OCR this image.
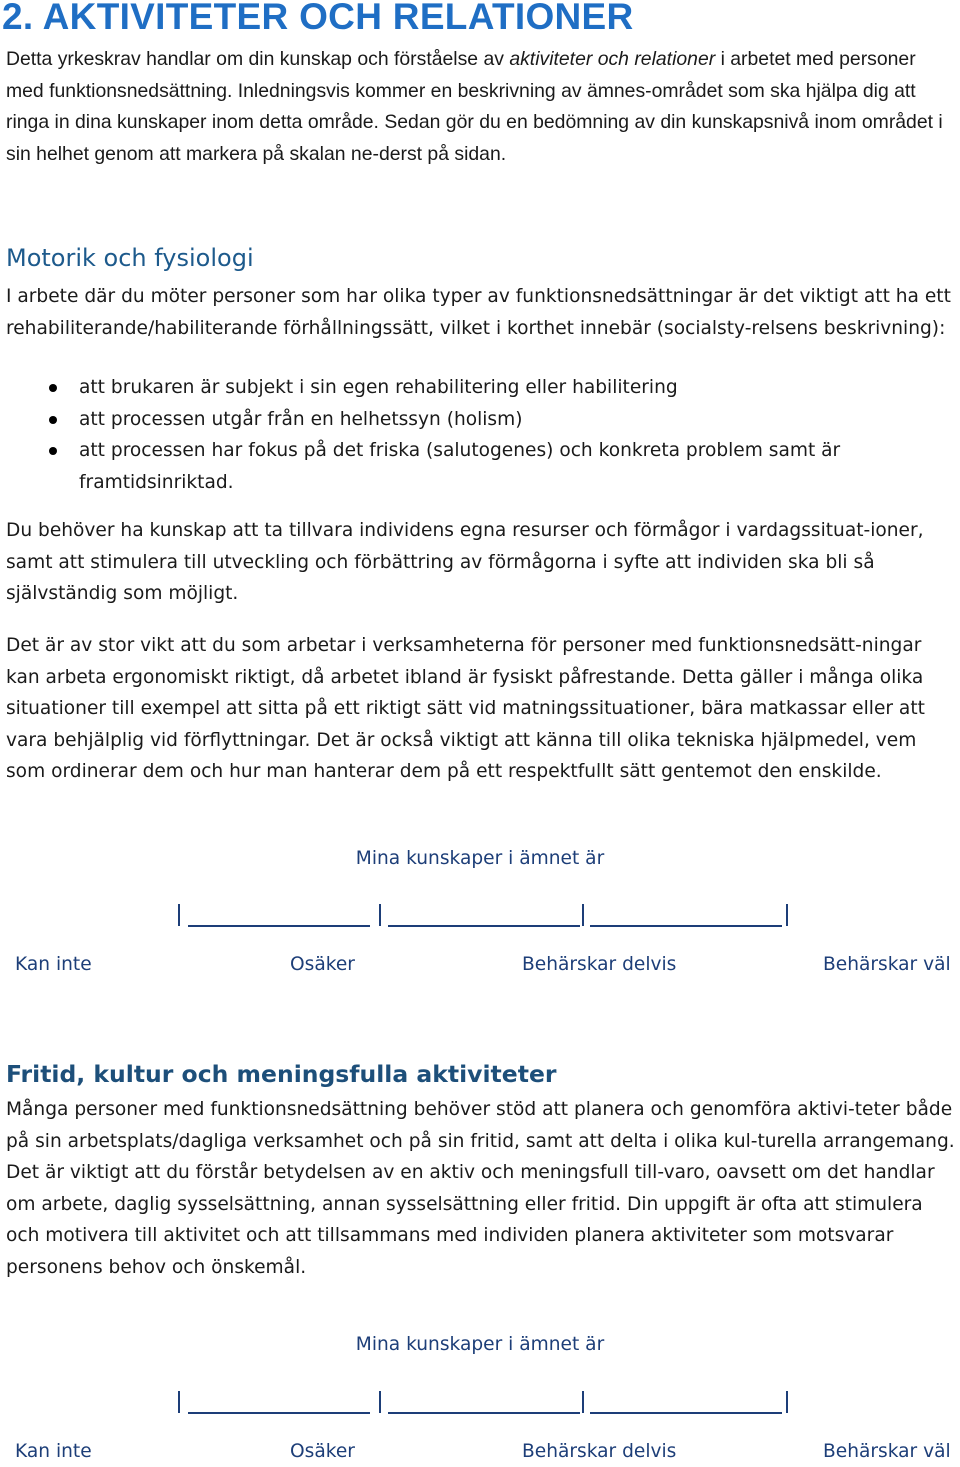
2. AKTIVITETER OCH RELATIONER

Detta yrkeskrav handlar om din kunskap och förståelse av aktiviteter och relationer i arbetet med personer med funktionsnedsättning. Inledningsvis kommer en beskrivning av ämnes-området som ska hjälpa dig att ringa in dina kunskaper inom detta område. Sedan gör du en bedömning av din kunskapsnivå inom området i sin helhet genom att markera på skalan ne-derst på sidan.

Motorik och fysiologi

I arbete där du möter personer som har olika typer av funktionsnedsättningar är det viktigt att ha ett rehabiliterande/habiliterande förhållningssätt, vilket i korthet innebär (socialsty-relsens beskrivning):

att brukaren är subjekt i sin egen rehabilitering eller habilitering
att processen utgår från en helhetssyn (holism)
att processen har fokus på det friska (salutogenes) och konkreta problem samt är framtidsinriktad.

Du behöver ha kunskap att ta tillvara individens egna resurser och förmågor i vardagssituat-ioner, samt att stimulera till utveckling och förbättring av förmågorna i syfte att individen ska bli så självständig som möjligt.

Det är av stor vikt att du som arbetar i verksamheterna för personer med funktionsnedsätt-ningar kan arbeta ergonomiskt riktigt, då arbetet ibland är fysiskt påfrestande. Detta gäller i många olika situationer till exempel att sitta på ett riktigt sätt vid matningssituationer, bära matkassar eller att vara behjälplig vid förflyttningar. Det är också viktigt att känna till olika tekniska hjälpmedel, vem som ordinerar dem och hur man hanterar dem på ett respektfullt sätt gentemot den enskilde.

Mina kunskaper i ämnet är

Kan inte	Osäker	Behärskar delvis	Behärskar väl
Fritid, kultur och meningsfulla aktiviteter

Många personer med funktionsnedsättning behöver stöd att planera och genomföra aktivi-teter både på sin arbetsplats/dagliga verksamhet och på sin fritid, samt att delta i olika kul-turella arrangemang. Det är viktigt att du förstår betydelsen av en aktiv och meningsfull till-varo, oavsett om det handlar om arbete, daglig sysselsättning, annan sysselsättning eller fritid. Din uppgift är ofta att stimulera och motivera till aktivitet och att tillsammans med individen planera aktiviteter som motsvarar personens behov och önskemål.

Mina kunskaper i ämnet är

Kan inte	Osäker	Behärskar delvis	Behärskar väl
